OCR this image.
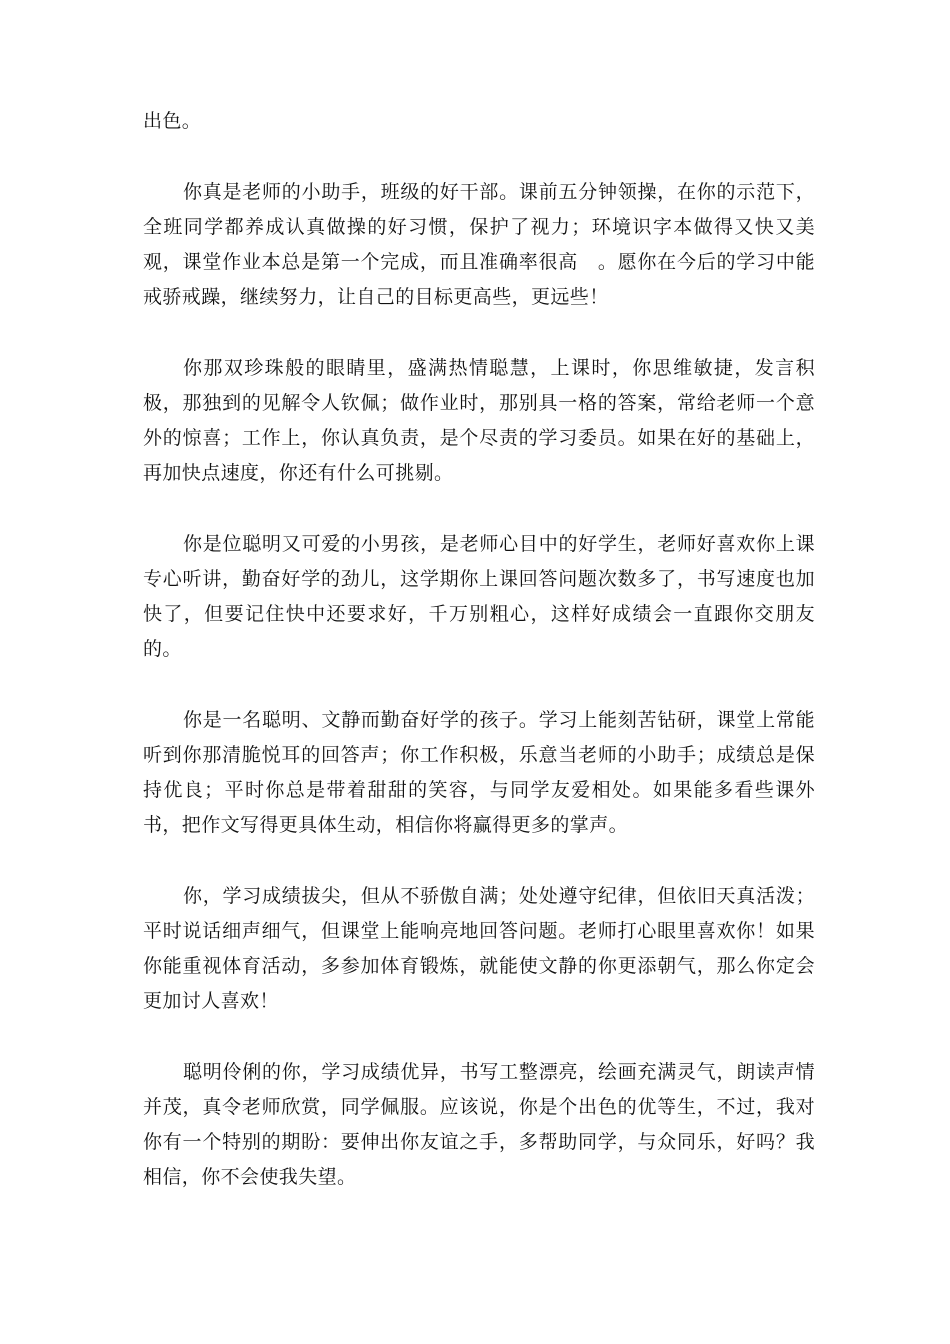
出色。

你真是老师的小助手，班级的好干部。课前五分钟领操，在你的示范下，全班同学都养成认真做操的好习惯，保护了视力；环境识字本做得又快又美观，课堂作业本总是第一个完成，而且准确率很高　。愿你在今后的学习中能戒骄戒躁，继续努力，让自己的目标更高些，更远些！

你那双珍珠般的眼睛里，盛满热情聪慧，上课时，你思维敏捷，发言积极，那独到的见解令人钦佩；做作业时，那别具一格的答案，常给老师一个意外的惊喜；工作上，你认真负责，是个尽责的学习委员。如果在好的基础上，再加快点速度，你还有什么可挑剔。

你是位聪明又可爱的小男孩，是老师心目中的好学生，老师好喜欢你上课专心听讲，勤奋好学的劲儿，这学期你上课回答问题次数多了，书写速度也加快了，但要记住快中还要求好，千万别粗心，这样好成绩会一直跟你交朋友的。

你是一名聪明、文静而勤奋好学的孩子。学习上能刻苦钻研，课堂上常能听到你那清脆悦耳的回答声；你工作积极，乐意当老师的小助手；成绩总是保持优良；平时你总是带着甜甜的笑容，与同学友爱相处。如果能多看些课外书，把作文写得更具体生动，相信你将赢得更多的掌声。

你，学习成绩拔尖，但从不骄傲自满；处处遵守纪律，但依旧天真活泼；平时说话细声细气，但课堂上能响亮地回答问题。老师打心眼里喜欢你！如果你能重视体育活动，多参加体育锻炼，就能使文静的你更添朝气，那么你定会更加讨人喜欢！

聪明伶俐的你，学习成绩优异，书写工整漂亮，绘画充满灵气，朗读声情并茂，真令老师欣赏，同学佩服。应该说，你是个出色的优等生，不过，我对你有一个特别的期盼：要伸出你友谊之手，多帮助同学，与众同乐，好吗？我相信，你不会使我失望。
